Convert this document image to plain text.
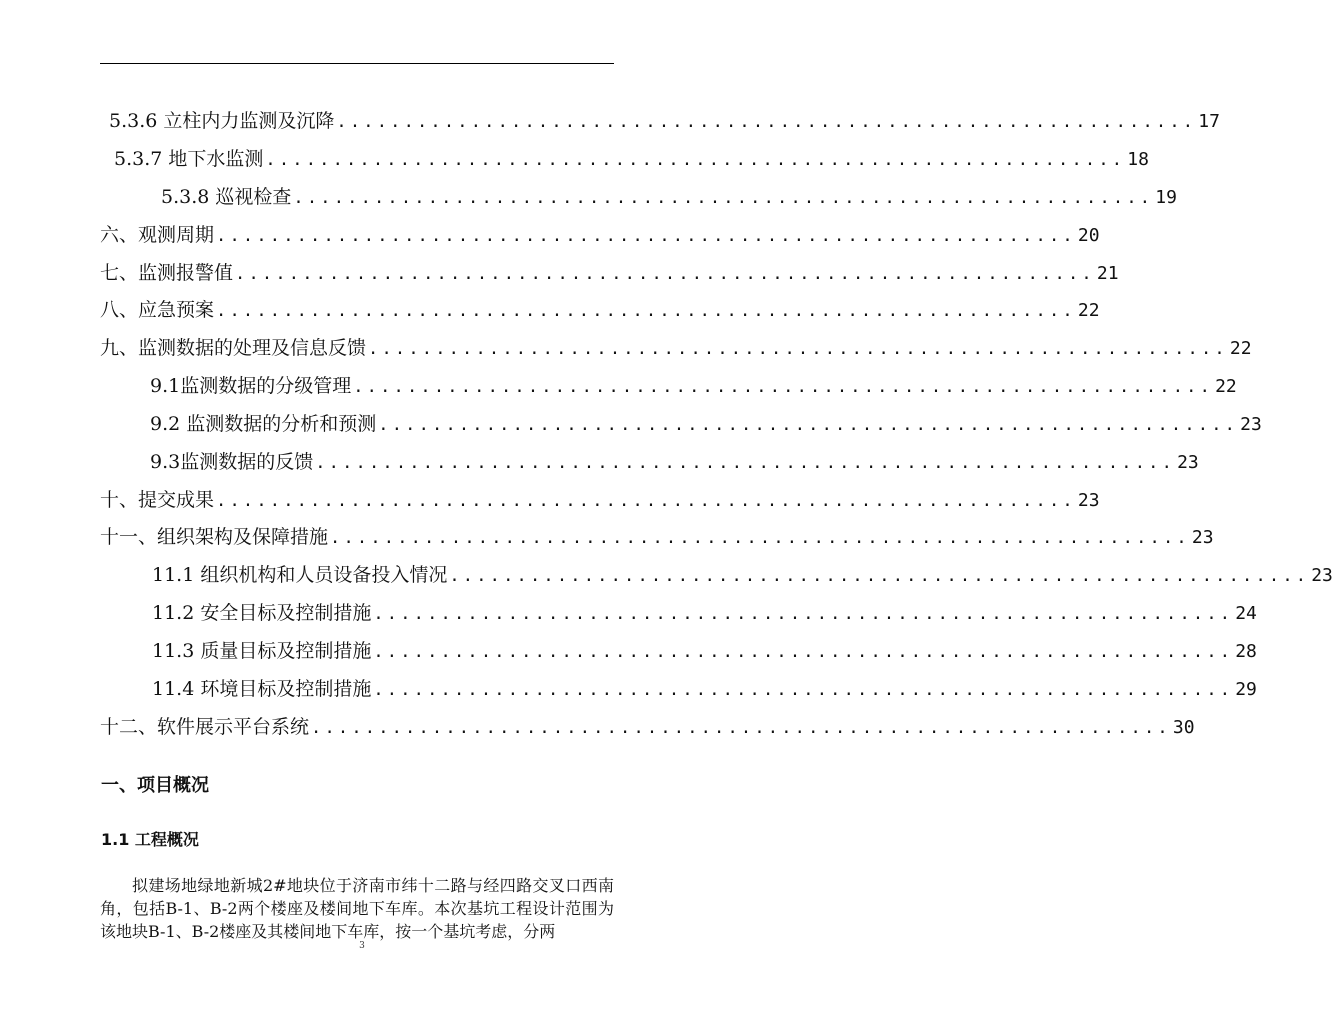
5.3.6 立柱内力监测及沉降 ................................................................ 17
5.3.7 地下水监测 ................................................................ 18
5.3.8 巡视检查 ................................................................ 19
六、观测周期 ................................................................ 20
七、监测报警值 ................................................................ 21
八、应急预案 ................................................................ 22
九、监测数据的处理及信息反馈 ................................................................ 22
9.1监测数据的分级管理 ................................................................ 22
9.2 监测数据的分析和预测 ................................................................ 23
9.3监测数据的反馈 ................................................................ 23
十、提交成果 ................................................................ 23
十一、组织架构及保障措施 ................................................................ 23
11.1 组织机构和人员设备投入情况 ................................................................ 23
11.2 安全目标及控制措施 ................................................................ 24
11.3 质量目标及控制措施 ................................................................ 28
11.4 环境目标及控制措施 ................................................................ 29
十二、软件展示平台系统 ................................................................ 30
一、项目概况
1.1 工程概况

拟建场地绿地新城2#地块位于济南市纬十二路与经四路交叉口西南角，包括B-1、B-2两个楼座及楼间地下车库。本次基坑工程设计范围为该地块B-1、B-2楼座及其楼间地下车库，按一个基坑考虑，分两

3
